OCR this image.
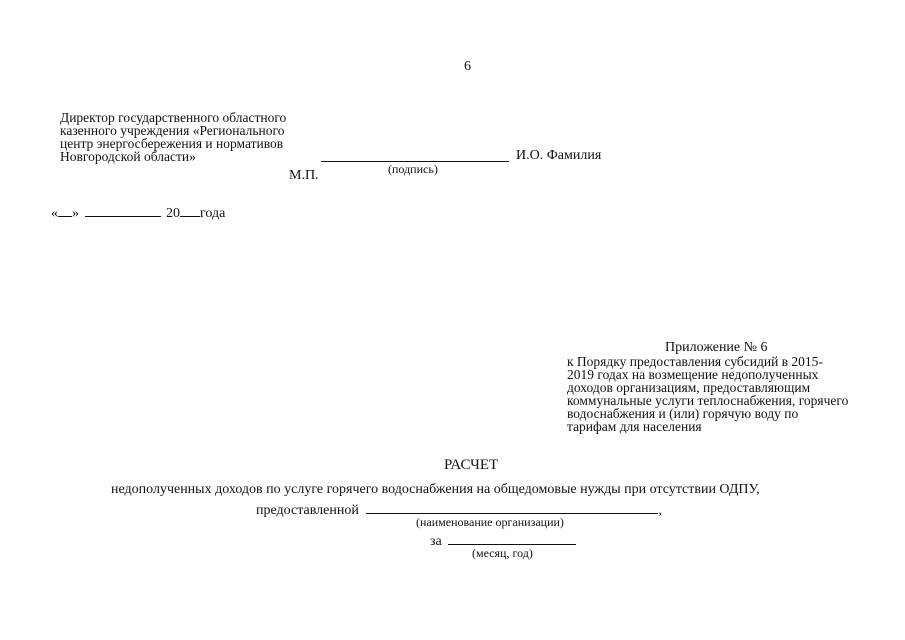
6
Директор государственного областного
казенного учреждения «Регионального
центр энергосбережения и нормативов
Новгородской области»	И.О. Фамилия
(подпись)
М.П.
« »	20 года
Приложение № 6
к Порядку предоставления субсидий в 2015-
2019 годах на возмещение недополученных
доходов организациям, предоставляющим
коммунальные услуги теплоснабжения, горячего
водоснабжения и (или) горячую воду по
тарифам для населения
РАСЧЕТ
недополученных доходов по услуге горячего водоснабжения на общедомовые нужды при отсутствии ОДПУ,
предоставленной	,
(наименование организации)
за
(месяц, год)
